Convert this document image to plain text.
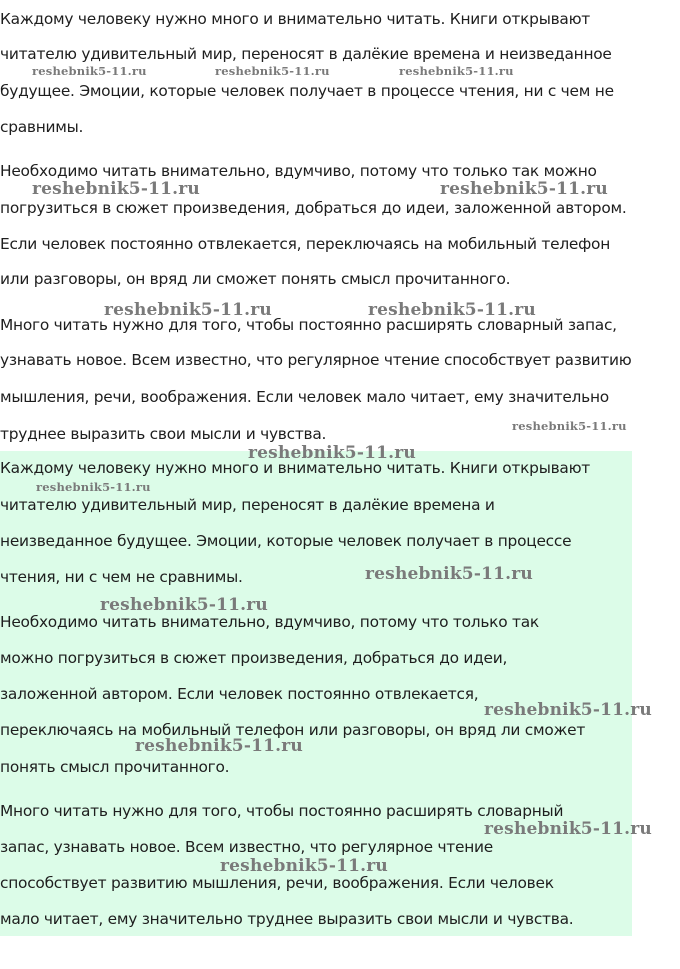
Каждому человеку нужно много и внимательно читать. Книги открывают
читателю удивительный мир, переносят в далёкие времена и неизведанное
будущее. Эмоции, которые человек получает в процессе чтения, ни с чем не
сравнимы.
Необходимо читать внимательно, вдумчиво, потому что только так можно
погрузиться в сюжет произведения, добраться до идеи, заложенной автором.
Если человек постоянно отвлекается, переключаясь на мобильный телефон
или разговоры, он вряд ли сможет понять смысл прочитанного.
Много читать нужно для того, чтобы постоянно расширять словарный запас,
узнавать новое. Всем известно, что регулярное чтение способствует развитию
мышления, речи, воображения. Если человек мало читает, ему значительно
труднее выразить свои мысли и чувства.
Каждому человеку нужно много и внимательно читать. Книги открывают
читателю удивительный мир, переносят в далёкие времена и
неизведанное будущее. Эмоции, которые человек получает в процессе
чтения, ни с чем не сравнимы.
Необходимо читать внимательно, вдумчиво, потому что только так
можно погрузиться в сюжет произведения, добраться до идеи,
заложенной автором. Если человек постоянно отвлекается,
переключаясь на мобильный телефон или разговоры, он вряд ли сможет
понять смысл прочитанного.
Много читать нужно для того, чтобы постоянно расширять словарный
запас, узнавать новое. Всем известно, что регулярное чтение
способствует развитию мышления, речи, воображения. Если человек
мало читает, ему значительно труднее выразить свои мысли и чувства.
reshebnik5-11.ru	reshebnik5-11.ru	reshebnik5-11.ru
reshebnik5-11.ru	reshebnik5-11.ru
reshebnik5-11.ru	reshebnik5-11.ru
reshebnik5-11.ru
reshebnik5-11.ru
reshebnik5-11.ru
reshebnik5-11.ru
reshebnik5-11.ru
reshebnik5-11.ru
reshebnik5-11.ru
reshebnik5-11.ru
reshebnik5-11.ru
